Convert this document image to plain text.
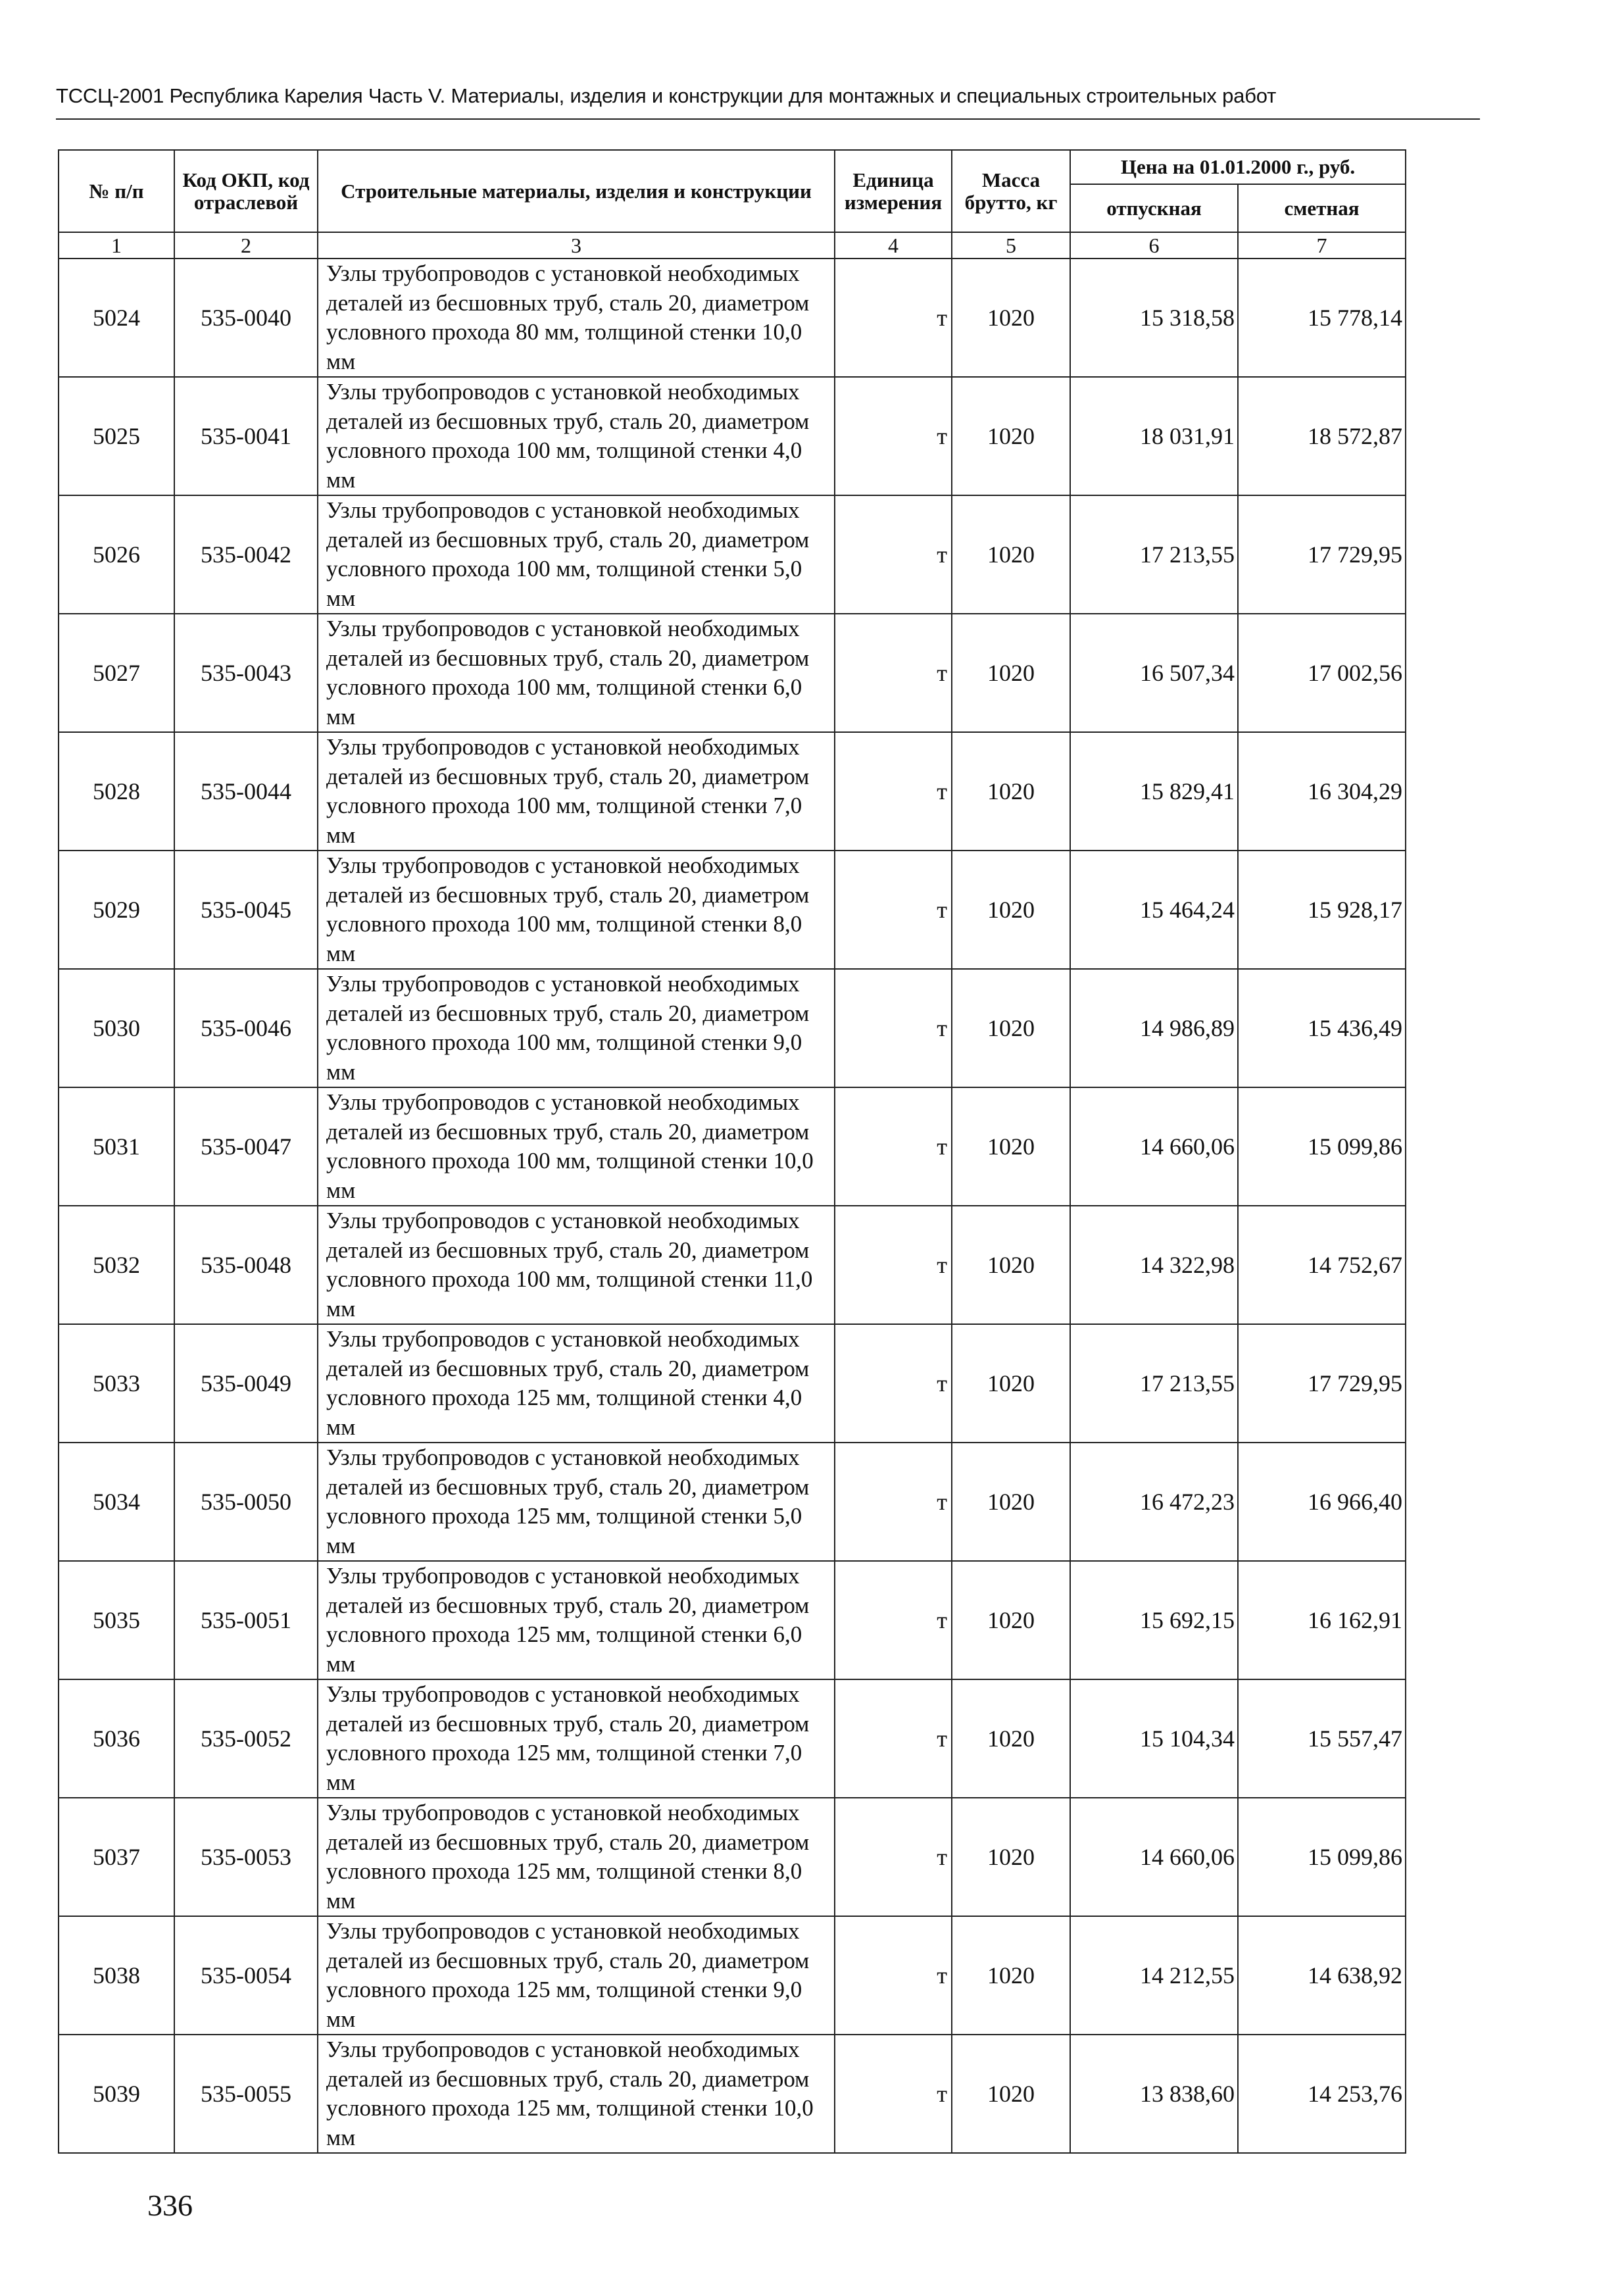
ТССЦ-2001 Республика Карелия Часть V. Материалы, изделия и конструкции для монтажных и специальных строительных работ
№ п/п	Код ОКП, код отраслевой	Строительные материалы, изделия и конструкции	Единица измерения	Масса брутто, кг	Цена на 01.01.2000 г., руб.	
					отпускная	сметная
1	2	3	4	5	6	7
5024	535-0040	Узлы трубопроводов с установкой необходимых деталей из бесшовных труб, сталь 20, диаметром условного прохода 80 мм, толщиной стенки 10,0 мм	т	1020	15 318,58	15 778,14
5025	535-0041	Узлы трубопроводов с установкой необходимых деталей из бесшовных труб, сталь 20, диаметром условного прохода 100 мм, толщиной стенки 4,0 мм	т	1020	18 031,91	18 572,87
5026	535-0042	Узлы трубопроводов с установкой необходимых деталей из бесшовных труб, сталь 20, диаметром условного прохода 100 мм, толщиной стенки 5,0 мм	т	1020	17 213,55	17 729,95
5027	535-0043	Узлы трубопроводов с установкой необходимых деталей из бесшовных труб, сталь 20, диаметром условного прохода 100 мм, толщиной стенки 6,0 мм	т	1020	16 507,34	17 002,56
5028	535-0044	Узлы трубопроводов с установкой необходимых деталей из бесшовных труб, сталь 20, диаметром условного прохода 100 мм, толщиной стенки 7,0 мм	т	1020	15 829,41	16 304,29
5029	535-0045	Узлы трубопроводов с установкой необходимых деталей из бесшовных труб, сталь 20, диаметром условного прохода 100 мм, толщиной стенки 8,0 мм	т	1020	15 464,24	15 928,17
5030	535-0046	Узлы трубопроводов с установкой необходимых деталей из бесшовных труб, сталь 20, диаметром условного прохода 100 мм, толщиной стенки 9,0 мм	т	1020	14 986,89	15 436,49
5031	535-0047	Узлы трубопроводов с установкой необходимых деталей из бесшовных труб, сталь 20, диаметром условного прохода 100 мм, толщиной стенки 10,0 мм	т	1020	14 660,06	15 099,86
5032	535-0048	Узлы трубопроводов с установкой необходимых деталей из бесшовных труб, сталь 20, диаметром условного прохода 100 мм, толщиной стенки 11,0 мм	т	1020	14 322,98	14 752,67
5033	535-0049	Узлы трубопроводов с установкой необходимых деталей из бесшовных труб, сталь 20, диаметром условного прохода 125 мм, толщиной стенки 4,0 мм	т	1020	17 213,55	17 729,95
5034	535-0050	Узлы трубопроводов с установкой необходимых деталей из бесшовных труб, сталь 20, диаметром условного прохода 125 мм, толщиной стенки 5,0 мм	т	1020	16 472,23	16 966,40
5035	535-0051	Узлы трубопроводов с установкой необходимых деталей из бесшовных труб, сталь 20, диаметром условного прохода 125 мм, толщиной стенки 6,0 мм	т	1020	15 692,15	16 162,91
5036	535-0052	Узлы трубопроводов с установкой необходимых деталей из бесшовных труб, сталь 20, диаметром условного прохода 125 мм, толщиной стенки 7,0 мм	т	1020	15 104,34	15 557,47
5037	535-0053	Узлы трубопроводов с установкой необходимых деталей из бесшовных труб, сталь 20, диаметром условного прохода 125 мм, толщиной стенки 8,0 мм	т	1020	14 660,06	15 099,86
5038	535-0054	Узлы трубопроводов с установкой необходимых деталей из бесшовных труб, сталь 20, диаметром условного прохода 125 мм, толщиной стенки 9,0 мм	т	1020	14 212,55	14 638,92
5039	535-0055	Узлы трубопроводов с установкой необходимых деталей из бесшовных труб, сталь 20, диаметром условного прохода 125 мм, толщиной стенки 10,0 мм	т	1020	13 838,60	14 253,76
336
